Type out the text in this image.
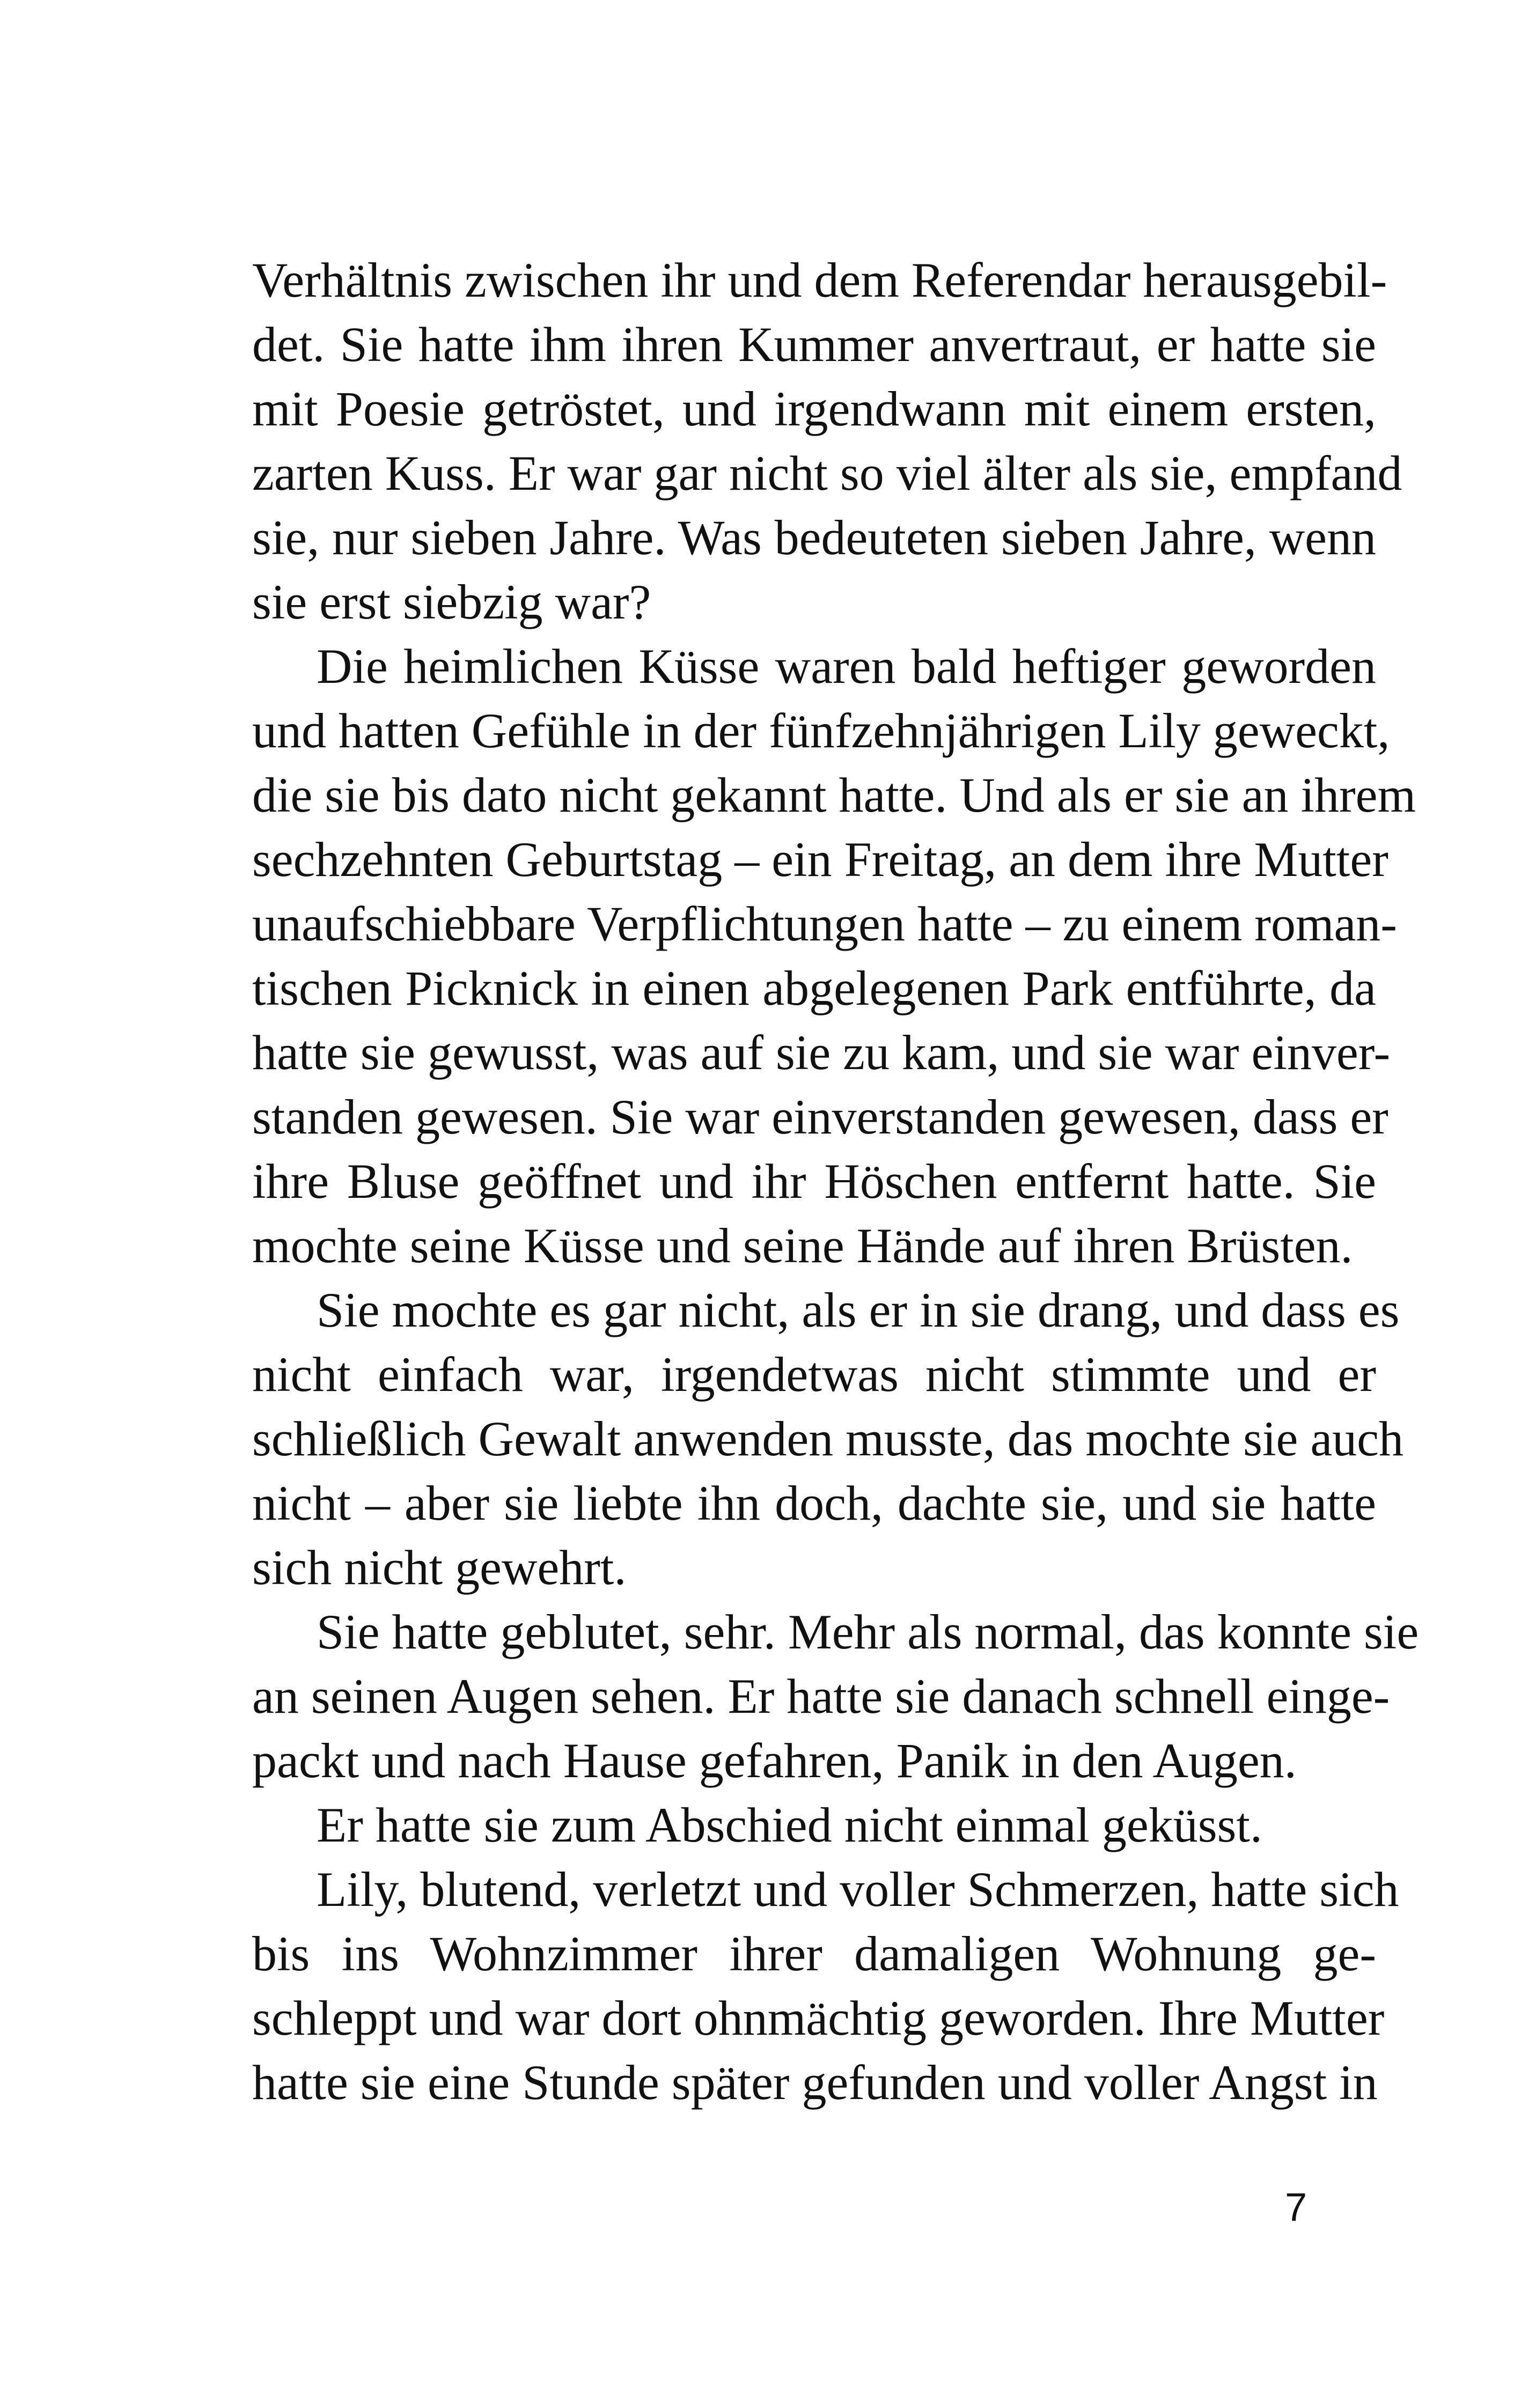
Verhältnis zwischen ihr und dem Referendar herausgebil-
det. Sie hatte ihm ihren Kummer anvertraut, er hatte sie
mit Poesie getröstet, und irgendwann mit einem ersten,
zarten Kuss. Er war gar nicht so viel älter als sie, empfand
sie, nur sieben Jahre. Was bedeuteten sieben Jahre, wenn
sie erst siebzig war?
Die heimlichen Küsse waren bald heftiger geworden
und hatten Gefühle in der fünfzehnjährigen Lily geweckt,
die sie bis dato nicht gekannt hatte. Und als er sie an ihrem
sechzehnten Geburtstag – ein Freitag, an dem ihre Mutter
unaufschiebbare Verpflichtungen hatte – zu einem roman-
tischen Picknick in einen abgelegenen Park entführte, da
hatte sie gewusst, was auf sie zu kam, und sie war einver-
standen gewesen. Sie war einverstanden gewesen, dass er
ihre Bluse geöffnet und ihr Höschen entfernt hatte. Sie
mochte seine Küsse und seine Hände auf ihren Brüsten.
Sie mochte es gar nicht, als er in sie drang, und dass es
nicht einfach war, irgendetwas nicht stimmte und er
schließlich Gewalt anwenden musste, das mochte sie auch
nicht – aber sie liebte ihn doch, dachte sie, und sie hatte
sich nicht gewehrt.
Sie hatte geblutet, sehr. Mehr als normal, das konnte sie
an seinen Augen sehen. Er hatte sie danach schnell einge-
packt und nach Hause gefahren, Panik in den Augen.
Er hatte sie zum Abschied nicht einmal geküsst.
Lily, blutend, verletzt und voller Schmerzen, hatte sich
bis ins Wohnzimmer ihrer damaligen Wohnung ge-
schleppt und war dort ohnmächtig geworden. Ihre Mutter
hatte sie eine Stunde später gefunden und voller Angst in
7
